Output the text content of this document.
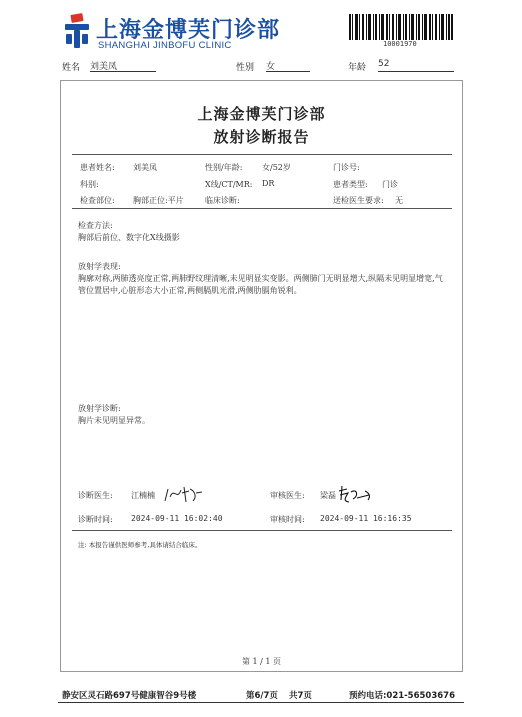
上海金博芙门诊部
SHANGHAI JINBOFU CLINIC	10001970
姓名 刘美凤	性别 女	年龄 52
上海金博芙门诊部
放射诊断报告
患者姓名: 刘美凤	性别/年龄: 女/52岁	门诊号:
科别:	X线/CT/MR: DR	患者类型: 门诊
检查部位: 胸部正位:平片	临床诊断:	送检医生要求: 无
检查方法:
胸部后前位、数字化X线摄影
放射学表现:
胸廓对称,两肺透亮度正常,两肺野纹理清晰,未见明显实变影。两侧肺门无明显增大,纵隔未见明显增宽,气管位置居中,心脏形态大小正常,两侧膈肌光滑,两侧肋膈角锐利。
放射学诊断:
胸片未见明显异常。
诊断医生: 江楠楠	审核医生: 梁磊
诊断时间: 2024-09-11 16:02:40	审核时间: 2024-09-11 16:16:35
注: 本报告谨供医师参考,具体请结合临床。
第 1 / 1 页
静安区灵石路697号健康智谷9号楼	第6/7页 共7页	预约电话:021-56503676
